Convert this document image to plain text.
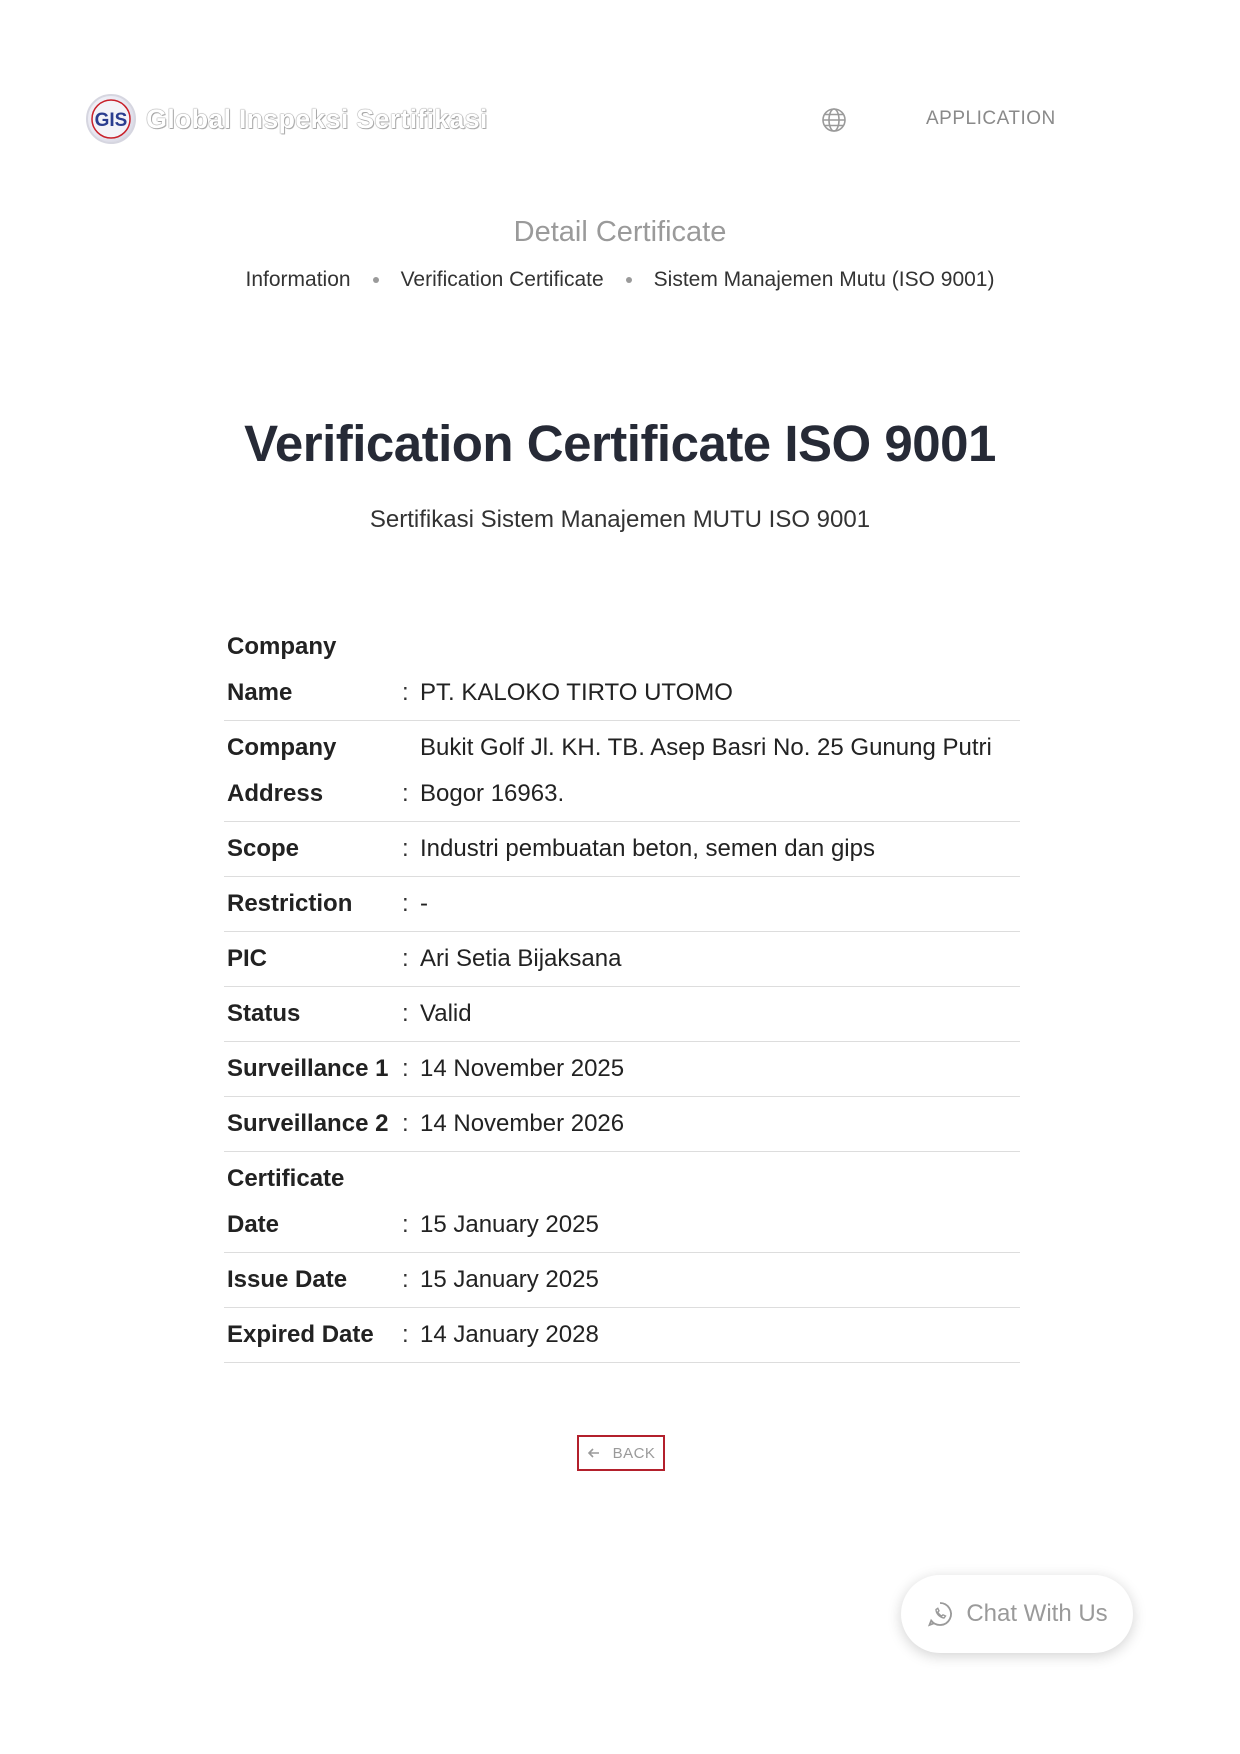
GIS Global Inspeksi Sertifikasi	APPLICATION
Detail Certificate
Information Verification Certificate Sistem Manajemen Mutu (ISO 9001)
Verification Certificate ISO 9001
Sertifikasi Sistem Manajemen MUTU ISO 9001
Company Name	:	PT. KALOKO TIRTO UTOMO
Company Address	:	Bukit Golf Jl. KH. TB. Asep Basri No. 25 Gunung Putri Bogor 16963.
Scope	:	Industri pembuatan beton, semen dan gips
Restriction	:	-
PIC	:	Ari Setia Bijaksana
Status	:	Valid
Surveillance 1	:	14 November 2025
Surveillance 2	:	14 November 2026
Certificate Date	:	15 January 2025
Issue Date	:	15 January 2025
Expired Date	:	14 January 2028
BACK
Chat With Us
